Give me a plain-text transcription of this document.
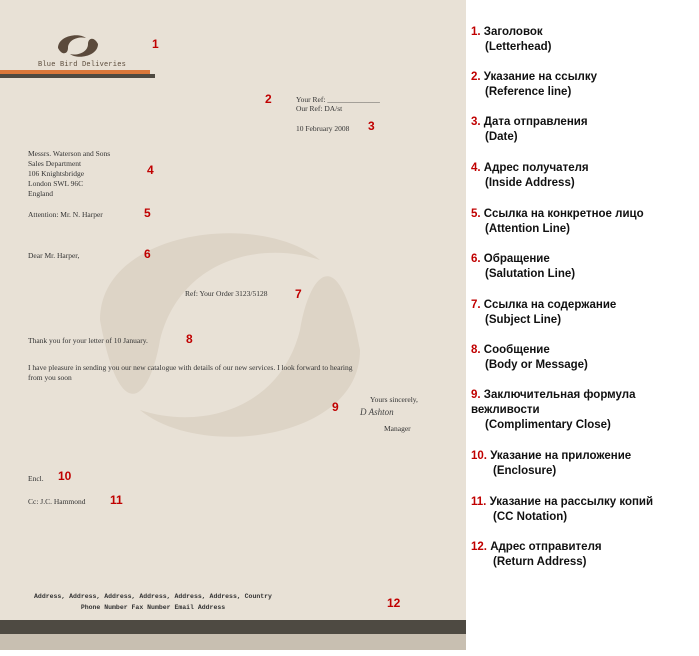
Blue Bird Deliveries
1
Your Ref: ______________
Our Ref: DA/st
2
10 February 2008 3
Messrs. Waterson and Sons
Sales Department
106 Knightsbridge
London SWL 96C
England
4
Attention: Mr. N. Harper	5
Dear Mr. Harper,	6
Ref: Your Order 3123/5128 7
Thank you for your letter of 10 January.	8
I have pleasure in sending you our new catalogue with details of our new services. I look forward to hearing
from you soon
Yours sincerely,
D Ashton
Manager
9
Encl. 10
Cc: J.C. Hammond 11
Address, Address, Address, Address, Address, Address, Country
Phone Number Fax Number Email Address	12
1. Заголовок
(Letterhead)
2. Указание на ссылку
(Reference line)
3. Дата отправления
(Date)
4. Адрес получателя
(Inside Address)
5. Ссылка на конкретное лицо
(Attention Line)
6. Обращение
(Salutation Line)
7. Ссылка на содержание
(Subject Line)
8. Сообщение
(Body or Message)
9. Заключительная формула вежливости
(Complimentary Close)
10. Указание на приложение
(Enclosure)
11. Указание на рассылку копий
(CC Notation)
12. Адрес отправителя
(Return Address)
